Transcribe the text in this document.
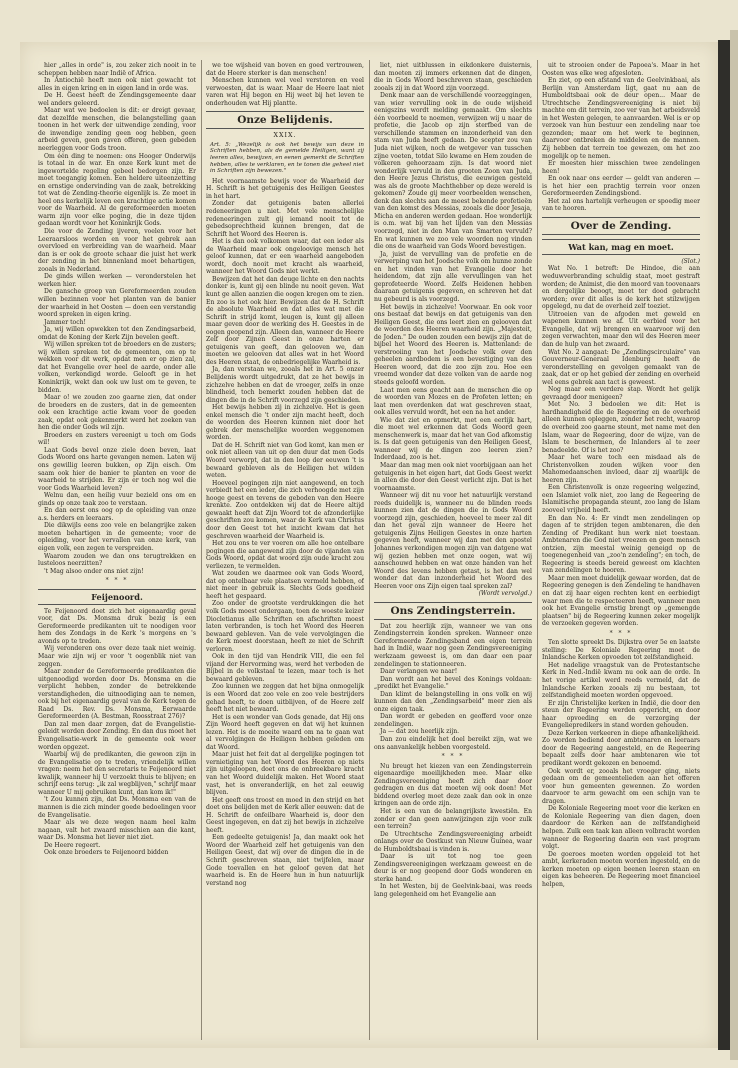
hier „alles in orde" is, zou zeker zich nooit in te scheppen hebben naar Indië of Africa.

In Antiochië heeft men ook niet gewacht tot alles in eigen kring en in eigen land in orde was.

De H. Geest heeft de Zendingsgemeente daar wel anders geleerd.

Maar wat we bedoelen is dit: er dreigt gevaar, dat dezelfde menschen, die belangstelling gaan toonen in het werk der uitwendige zending, voor de inwendige zending geen oog hebben, geen arbeid geven, geen gaven offeren, geen gebeden neerleggen voor Gods troon.

Om één ding te noemen: ons Hooger Onderwijs is totaal in de war. En onze Kerk kunt met de ingewortelde regeling gebeel bedorgen zijn. Er moet toegangig komen. Een heldere uiteenzetting en ernstige ondervinding van de zaak, betrekking tot wat de Zending-theorie eigenlijk is. Ze moet in heel ons kerkelijk leven een krachtige actie komen voor de Waarheid. Al de gereformeerden moeten warm zijn voor elke poging, die in deze tijden gedaan wordt voor het Koninkrijk Gods.

Die voor de Zending ijveren, voelen voor het Leeraarsloos worden en voor het gebrek aan overvloed en verbreiding van de waarheid. Maar dan is er ook de groote schaar die juist het werk der zending in het binnenland moet behartigen, zooals in Nederland.

De ginds willen werken — veronderstelen het werken hier.

De gansche groep van Gereformeerden zouden willen bezinnen voor het planten van de banier der waarheid in het Oosten — doen een verstandig woord spreken in eigen kring.

Jammer toch!

Ja, wij willen opwekken tot den Zendingsarbeid, omdat de Koning der Kerk Zijn bevelen geeft.

Wij willen spreken tot de broeders en de zusters; wij willen spreken tot de gemeenten, om op te wekken voor dit werk, opdat men er op zien zal, dat het Evangelie over heel de aarde, onder alle volken, verkondigd worde. Gelooft ge in het Koninkrijk, wekt dan ook uw lust om te geven, te bidden.

Maar o! we zouden zoo gaarne zien, dat onder de broeders en de zusters, dat in de gemeenten ook een krachtige actie kwam voor de goeden zaak, opdat ook gekenmerkt werd het zoeken van hen die onder Gods wil zijn.

Broeders en zusters vereenigt u toch om Gods wil!

Laat Gods bevel onze ziele doen beven, laat Gods Woord ons harte gevangen nemen. Laten wij ons gewillig leeren bukken, op Zijn eisch. Om saam ook hier de banier te planten en voor de waarheid te strijden. Er zijn er toch nog wel die voor Gods Waarheid leven?

Welnu dan, een heilig vuur bezield ons om en ginds op onze taak zoo te verstaan.

En dan eerst ons oog op de opleiding van onze a.s. herders en leeraars.

Die dikwijls eens zoo vele en belangrijke zaken moeten behartigen in de gemeente; voor de opleiding, voor het vervallen van onze kerk, van eigen volk, een zegen te verspreiden.

Waarom zouden we dan ons terugtrekken en lusteloos neerzitten?

't Mag alsoo onder ons niet zijn!

* * *
Feijenoord.

Te Feijenoord doet zich het eigenaardig geval voor, dat Ds. Monsma druk bezig is een Gereformeerde predikanten uit te noodigen voor hem des Zondags in de Kerk 's morgens en 's avonds op te treden.

Wij veronderen ons over deze taak niet weinig. Maar wie zijn wij er voor 't oogenblik niet van zeggen.

Maar zonder de Gereformeerde predikanten die uitgenoodigd worden door Ds. Monsma en die verplicht hebben, zonder de betrekkende verstandigheden, die uitnoodiging aan te nemen, ook bij het eigenaardig geval van de Kerk tegen de Raad Ds. Rev. Ds. Monsma, Eerwaarde Gereformeerden (A. Bestman, Roosstraat 276)?

Dan zal men daar zorgen, dat de Evangelistie- geleidt worden door Zending. En dan dus moet het Evangelisatie-werk in de gemeente ook weer worden opgezet.

Waarbij wij de predikanten, die gewoon zijn in de Evangelisatie op te treden, vriendelijk willen vragen: neem het den secretaris te Feijenoord niet kwalijk, wanneer hij U verzoekt thuis te blijven; en schrijf eens terug: „ik zal wegblijven," schrijf maar wanneer U mij gebruiken kunt, dan kom ik!"

't Zou kunnen zijn, dat Ds. Monsma een van de mannen is die zich minder goede bedoelingen voor de Evangelisatie.

Maar als we deze wegen naam heel kalm nagaan, valt het zwaard misschien aan die kant, waar Ds. Monsma het liever niet ziet.

De Heere regeert.

Ook onze broeders te Feijenoord bidden

we toe wijsheid van boven en goed vertrouwen, dat de Heere sterker is dan menschen!

Menschen kunnen wel veel verstoren en veel verwoesten, dat is waar. Maar de Heere laat niet varen wat Hij begon en Hij weet bij het leven te onderhouden wat Hij plantte.

Onze Belijdenis.
XXIX.
Art. 5: „Wezelijk is ook het bewijs van deze in Schriften hebben, als de gemelde Heiligen, want zij leeren alles, bewijzen, en eenen gemerkt de Schriften hebben, alles te verklaren, en te tonen die geheel niet in Schriften zijn bewezen."

Het voornaamste bewijs voor de Waarheid der H. Schrift is het getuigenis des Heiligen Geestes in het hart.

Zonder dat getuigenis baten allerlei redeneeringen u niet. Met vele menschelijke redeneeringen zult gij iemand nooit tot de gebedsoprechtheid kunnen brengen, dat de Schrift het Woord des Heeren is.

Het is dan ook volkomen waar, dat een ieder als de Waarheid maar ook ongeloovige mensch het geloof kunnen, dat er een waarheid aangeboden wordt, doch nooit met kracht als waarheid, wanneer het Woord Gods niet werkt.

Bewijzen dat het dan deuge lichte en den nachts donker is, kunt gij een blinde nu nooit geven. Wat kunt ge allen aanzien die oogen kregen om te zien. En zoo is het ook hier. Bewijzen dat de H. Schrift de absolute Waarheid en dat alles wat met die Schrift in strijd komt, leugen is, kunt gij alleen maar geven door de werking des H. Geestes in de oogen geopend zijn. Alleen dan, wanneer de Heere Zelf door Zijnen Geest in onze harten er getuigenis van geeft, dan gelooven we, dan moeten we gelooven dat alles wat in het Woord des Heeren staat, de onbedriegelijke Waarheid is.

Ja, dan verstaan we, zooals het in Art. 5 onzer Belijdenis wordt uitgedrukt, dat ze het bewijs in zichzelve hebben en dat de vroeger, zelfs in onze blindheid, toch bemerkt zouden hebben dat de dingen die in de Schrift voorzegd zijn geschieden.

Het bewijs hebben zij in zichzelve. Het is geen enkel mensch die 't onder zijn macht heeft, doch de woorden des Heeren kunnen niet door het gebrek der menschelijke woorden weggenomen worden.

Dat de H. Schrift niet van God komt, kan men er ook niet alleen van uit op den duur dat men Gods Woord verworpt, dat in den loop der eeuwen 't is bewaard gebleven als de Heiligen het wilden weten.

Hoeveel pogingen zijn niet aangewend, en toch verbiedt het een ieder, die zich verhoogde met zijn hooge geest en tevens de geboden van den Heere krenkte. Zoo ontdekken wij dat de Heere altijd gewaakt heeft dat Zijn Woord tot de afzonderlijke geschriften zou komen, waar de Kerk van Christus door den Geest tot het inzicht kwam dat het geschreven waarheid der Waarheid is.

Het zou ons te ver voeren om alle hoe ontelbare pogingen die aangewend zijn door de vijanden van Gods Woord, opdat dat woord zijn oude kracht zou verliezen, te vermelden.

Wat zouden we daarmee ook van Gods Woord, dat op ontelbaar vele plaatsen vermeld hebben, of niet meer in gebruik is. Slechts Gods goedheid heeft het gespaard.

Zoo onder de grootste verdrukkingen die het volk Gods moest ondergaan, toen de woeste keizer Diocletianus alle Schriften en afschriften moest laten verbranden, is toch het Woord des Heeren bewaard gebleven. Van de vele vervolgingen die de Kerk moest doorstaan, heeft ze niet de Schrift verloren.

Ook in den tijd van Hendrik VIII, die een fel vijand der Hervorming was, werd het verboden de Bijbel in de volkstaal te lezen, maar toch is het bewaard gebleven.

Zoo kunnen we zeggen dat het bijna onmogelijk is een Woord dat zoo vele en zoo vele bestrijders gehad heeft, te doen uitblijven, of de Heere zelf heeft het niet bewaard.

Het is een wonder van Gods genade, dat Hij ons Zijn Woord heeft gegeven en dat wij het kunnen lezen. Het is de moeite waard om na te gaan wat al vervolgingen de Heiligen hebben geleden om dat Woord.

Maar juist het feit dat al dergelijke pogingen tot vernietiging van het Woord des Heeren op niets zijn uitgeloopen, doet ons de onbreekbare kracht van het Woord duidelijk maken. Het Woord staat vast, het is onveranderlijk, en het zal eeuwig blijven.

Het geeft ons troost en moed in den strijd en het doet ons belijden met de Kerk aller eeuwen: dat de H. Schrift de onfeilbare Waarheid is, door den Geest ingegeven, en dat zij het bewijs in zichzelve heeft.

Een gedeelte getuigenis! Ja, dan maakt ook het Woord der Waarheid zelf het getuigenis van den Heiligen Geest, dat wij over de dingen die in de Schrift geschreven staan, niet twijfelen, maar Gode toevallen en het geloof geven dat het waarheid is. En de Heere hun in hun natuurlijk verstand nog

liet, niet uitblussen in eikdonkere duisternis, dan moeten zij immers erkennen dat de dingen, die in Gods Woord beschreven staan, geschieden zooals zij in dat Woord zijn voorzegd.

Denk maar aan de verschillende voorzeggingen, van wier vervulling ook in de oude wijsheid eenigszins wordt melding gemaakt. Om slechts één voorbeeld te noemen, verwijzen wij u naar de profetie, die Jacob op zijn sterfbed van de verschillende stammen en inzonderheid van den stam van Juda heeft gedaan. De scepter zou van Juda niet wijken, noch de wetgever van tusschen zijne voeten, totdat Silo kwame en Hem zouden de volkeren gehoorzaam zijn. Is dat woord niet wonderlijk vervuld in den grooten Zoon van Juda, den Heere Jezus Christus, die eeuwigen gesteld was als de groote Machthebber op deze wereld is gekomen? Zoude gij meer voorbeelden wenschen, denk dan slechts aan de meest bekende profetieën van den komst des Messias, zooals die door Jesaja, Micha en anderen werden gedaan. Hoe wonderlijk is o.m. wat bij van het lijden van den Messias voorzegd, niet in den Man van Smarten vervuld? En wat kunnen we zoo vele woorden nog vinden die ons de waarheid van Gods Woord bevestigen.

Ja, juist de vervulling van de profetie en de verwerping van het Joodsche volk om hunne zonde en het vinden van het Evangelie door het heidendom, dat zijn alle vervullingen van het geprofeteerde Woord. Zelfs Heidenen hebben daaraan getuigenis gegeven, en schreven het dat nu gebeurd is als voorzegd.

Het bewijs in zichzelve! Voorwaar. En ook voor ons bestaat dat bewijs en dat getuigenis van den Heiligen Geest, die ons leert zien en gelooven dat de woorden des Heeren waarheid zijn. „Majesteit, de Joden." De ouden zouden een bewijs zijn dat de bijbel het Woord des Heeren is. Mattenland: de verstrooiing van het Joodsche volk over den geheelen aardbodem is een bevestiging van des Heeren woord, dat die zoo zijn zou. Hoe een vreemd wonder dat deze volken van de aarde nog steeds geloofd worden.

Laat men eens geacht aan de menschen die op de woorden van Mozes en de Profeten letten; en laat men overdenken dat wat geschreven staat, ook alles vervuld wordt, het een na het ander.

Wie dat ziet en opmerkt, met een eerlijk hart, die moet wel erkennen dat Gods Woord geen menschenwerk is, maar dat het van God afkomstig is. Is dat geen getuigenis van den Heiligen Geest, wanneer wij de dingen zoo leeren zien? Inderdaad, zoo is het.

Maar dan mag men ook niet voorbijgaan aan het getuigenis in het eigen hart, dat Gods Geest werkt in allen die door den Geest verlicht zijn. Dat is het voornaamste.

Wanneer wij dit nu voor het natuurlijk verstand reeds duidelijk is, wanneer nu de blinden reeds kunnen zien dat de dingen die in Gods Woord voorzegd zijn, geschieden, hoeveel te meer zal dit dan het geval zijn wanneer de Heere het getuigenis Zijns Heiligen Geestes in onze harten gegeven heeft, wanneer wij dan met den apostel Johannes verkondigen mogen zijn van datgene wat wij gezien hebben met onze oogen, wat wij aanschouwd hebben en wat onze handen van het Woord des levens hebben getast, is het dan wel wonder dat dan inzonderheid het Woord des Heeren voor ons Zijn eigen taal spreken zal?

(Wordt vervolgd.)
Ons Zendingsterrein.

Dat zou heerlijk zijn, wanneer we van ons Zendingsterrein konden spreken. Wanneer onze Gereformeerde Zendingsband een eigen terrein had in Indië, waar nog geen Zendingsvereeniging werkzaam geweest is, om dan daar een paar zendelingen te stationneeren.

Daar verlangen we naar!

Dan wordt aan het bevel des Konings voldaan: „predikt het Evangelie."

Dan klimt de belangstelling in ons volk en wij kunnen dan den „Zendingsarbeid" meer zien als onze eigen taak.

Dan wordt er gebeden en geofferd voor onze zendelingen.

Ja — dat zou heerlijk zijn.

Dan zou eindelijk het doel bereikt zijn, wat we ons aanvankelijk hebben voorgesteld.

* * *

Nu breugt het kiezen van een Zendingsterrein eigenaardige moeilijkheden mee. Maar elke Zendingsvereeniging heeft zich daar door gedragen en dus dat moeten wij ook doen! Met biddend overleg moet deze zaak dan ook in onze kringen aan de orde zijn.

Het is een van de belangrijkste kwestiën. En zonder er dan geen aanwijzingen zijn voor zulk een terrein?

De Utrechtsche Zendingsvereeniging arbeidt onlangs over de Oostkust van Nieuw Guinea, waar de Humboldtsbaai is vinden is.

Daar is uit tot nog toe geen Zendingsvereenigingen werkzaam geweest en de deur is er nog geopend door Gods wonderen en sterke hand.

In het Westen, bij de Geelvink-baai, was reeds lang gelegenheid om het Evangelie aan

uit te strooien onder de Papoea's. Maar in het Oosten was elke weg afgesloten.

En ziet, op een afstand van de Geelvinkbaai, als Berlijn van Amsterdam ligt, gaat nu aan de Humboldtsbaai ook de deur open... Maar de Utrechtsche Zendingsvereeniging is niet bij machte om dit terrein, zoo ver van het arbeidsveld in het Westen gelegen, te aanvaarden. Wel is er op verzoek van hun bestuur een zendeling naar toe gezonden; maar om het werk te beginnen, daarvoor ontbreken de middelen en de mannen. Zij hebben dat terrein toe gewezen, om het zoo mogelijk op te nemen.

Er moesten hier misschien twee zendelingen heen!

En ook naar ons eerder — geldt van anderen — is het hier een prachtig terrein voor onzen Gereformeerden Zendingsbond.

Het zal ons hartelijk verheugen er spoedig meer van te hooren.

Over de Zending.
Wat kan, mag en moet.
(Slot.)

Wat No. 1 betreft: De Hindoe, die aan weduwverbranding schuldig staat, moet gestraft worden; de Animist, die den moord van toovenaars en dergelijke beoogt, moet ter dood gebracht worden; over dit alles is de kerk het stilzwijgen opgelegd, nu dat de overheid zelf toeziet.

Uitroeien van de afgoden met geweld en wapenen kunnen we af. Uit eerbied voor het Evangelie, dat wij brengen en waarvoor wij den zegen verwachten, maar den wil des Heeren meer dan de hulp van het zwaard.

Wat No. 2 aangaat: De „Zendingscirculaire" van Gouverneur-Generaal Idenburg heeft de veronderstelling en gevolgen gemaakt van de zaak, dat er op het gebied der zending en overheid wel eens gebrek aan tact is geweest.

Nog maar een verdere stap. Wordt het gelijk gevraagd door menigeen?

Met No. 3 bedoelen we dit: Het is hardhandigheid die de Regeering en de overheid alleen kunnen opleggen, zonder het recht, waarop de overheid zoo gaarne steunt, met name met den Islam, waar de Regeering, door de wijze, van de Islam te beschermen, de Inlanders al te zeer benadeelde. Of is het zoo?

Maar het ware toch een misdaad als de Christenvolken zouden wijken voor den Mahomedaanschen invloed, daar zij waarlijk de heeren zijn.

Een Christenvolk is onze regeering welgezind, een Islamiet volk niet, zoo lang de Regeering de Islamitische propaganda steunt, zoo lang de Islam zooveel vrijheid heeft.

En dan No. 4: Er vindt men zendelingen op dagen af te strijden tegen ambtenaren, die den Zending of Predikant hun werk niet toestaan. Ambtenaren die God niet vreezen en geen mensch ontzien, zijn meestal weinig geneigd op de toegenegenheid van „zoo'n zendeling"; en toch, de Regeering is steeds bereid geweest om klachten van zendelingen te hooren.

Maar men moet duidelijk gewaar worden, dat de Regeering genegen is den Zendeling te handhaven en dat zij haar eigen rechten kent en eerbiedigt waar men die te respecteeren heeft, wanneer men ook het Evangelie ernstig brengt op „gemengde plaatsen" bij de Regeering kunnen zeker mogelijk de verzoeken gegeven worden.

* * *

Ten slotte spreekt Ds. Dijkstra over 5e en laatste stelling: De Koloniale Regeering moet de Inlandsche Kerken opvoeden tot zelfstandigheid.

Het nadelige vraagstuk van de Protestantsche Kerk in Ned.-Indië kwam nu ook aan de orde. In het vorige artikel werd reeds vermeld, dat de Inlandsche Kerken zooals zij nu bestaan, tot zelfstandigheid moeten worden opgevoed.

Er zijn Christelijke kerken in Indië, die door den steun der Regeering werden opgericht, en door haar opvoeding en de verzorging der Evangeliepredikers in stand worden gehouden.

Deze Kerken verkeeren in diepe afhankelijkheid. Zo worden bediend door ambtenaren en leeraars door de Regeering aangesteld, en de Regeering bepaalt zelfs door haar ambtenaren wie tot predikant wordt gekozen en benoemd.

Ook wordt er, zooals het vroeger ging, niets gedaan om de gemeentelieden aan het offeren voor hun gemeenten gewennen. Zo worden daarvoor te arm gewacht om een schijn van te dragen.

De Koloniale Regeering moet voor die kerken en de Koloniale Regeering van dien dagen, doen daardoor de Kerken aan de zelfstandigheid helpen. Zulk een taak kan alleen volbracht worden wanneer de Regeering daarin een vast program volgt.

De goeroes moeten worden opgeleid tot het ambt, kerkeraden moeten worden ingesteld, en de kerken moeten op eigen beenen leeren staan en eigen kas beheeren. De Regeering moet financieel helpen,
